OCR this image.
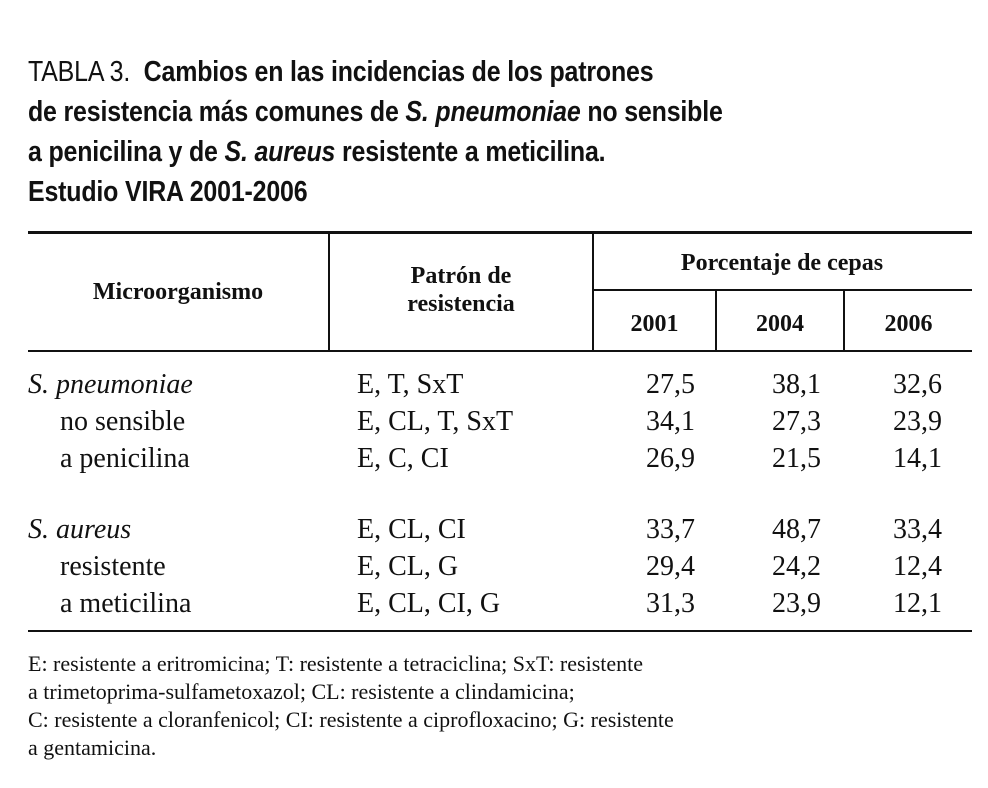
TABLA 3. Cambios en las incidencias de los patrones
de resistencia más comunes de S. pneumoniae no sensible
a penicilina y de S. aureus resistente a meticilina.
Estudio VIRA 2001-2006
Microorganismo
Patrón de
resistencia
Porcentaje de cepas
2001	2004	2006
S. pneumoniae
no sensible
a penicilina
E, T, SxT
E, CL, T, SxT
E, C, CI
27,5
34,1
26,9
38,1
27,3
21,5
32,6
23,9
14,1
S. aureus
resistente
a meticilina
E, CL, CI
E, CL, G
E, CL, CI, G
33,7
29,4
31,3
48,7
24,2
23,9
33,4
12,4
12,1
E: resistente a eritromicina; T: resistente a tetraciclina; SxT: resistente
a trimetoprima-sulfametoxazol; CL: resistente a clindamicina;
C: resistente a cloranfenicol; CI: resistente a ciprofloxacino; G: resistente
a gentamicina.
